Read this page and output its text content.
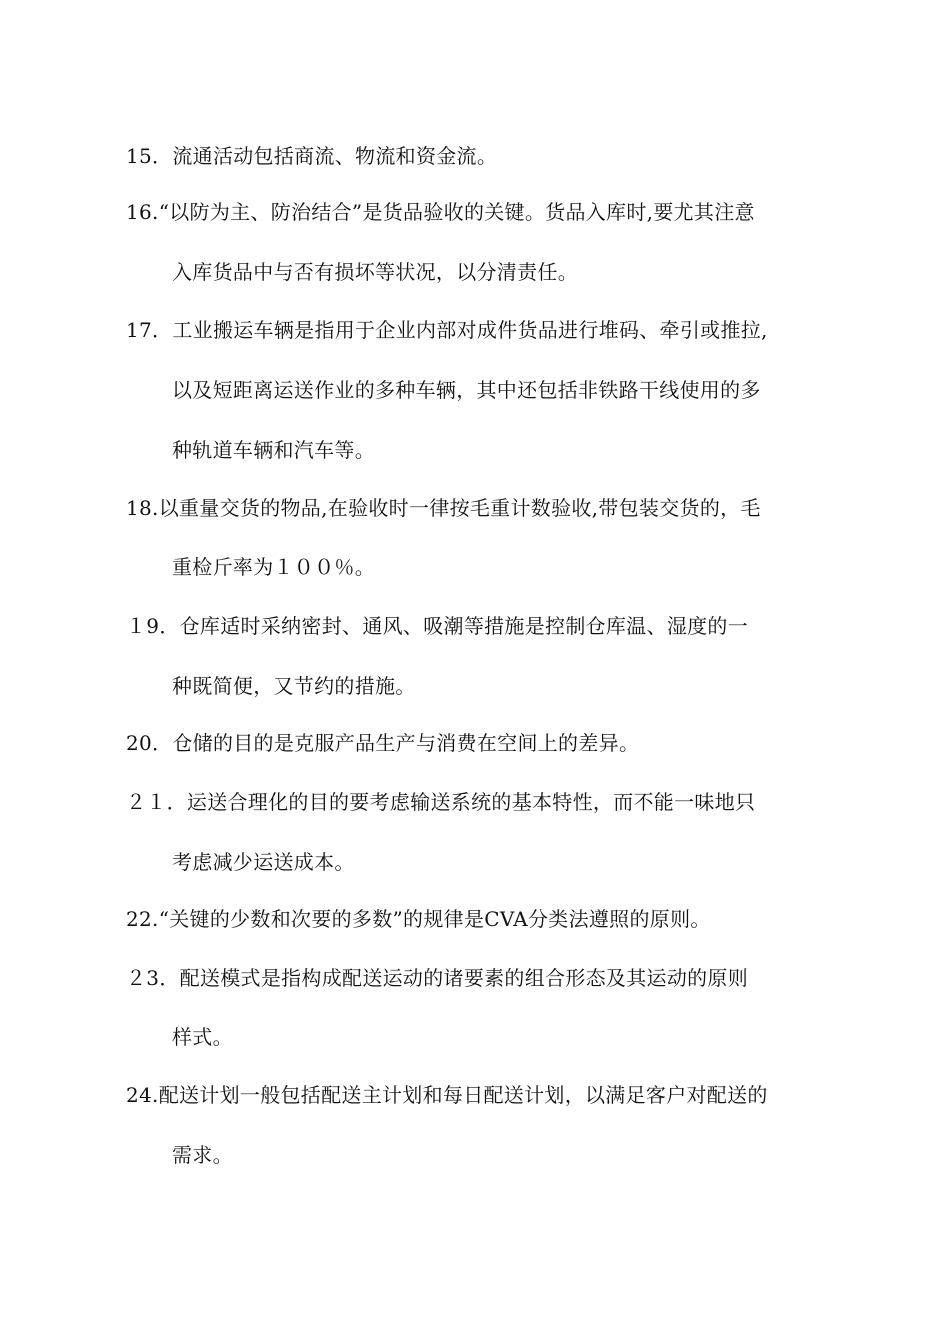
15．流通活动包括商流、物流和资金流。
16.“以防为主、防治结合”是货品验收的关键。货品入库时,要尤其注意
入库货品中与否有损坏等状况，以分清责任。
17．工业搬运车辆是指用于企业内部对成件货品进行堆码、牵引或推拉,
以及短距离运送作业的多种车辆，其中还包括非铁路干线使用的多
种轨道车辆和汽车等。
18.以重量交货的物品,在验收时一律按毛重计数验收,带包装交货的，毛
重检斤率为１００％。
１9．仓库适时采纳密封、通风、吸潮等措施是控制仓库温、湿度的一
种既简便，又节约的措施。
20．仓储的目的是克服产品生产与消费在空间上的差异。
２１．运送合理化的目的要考虑输送系统的基本特性，而不能一味地只
考虑减少运送成本。
22.“关键的少数和次要的多数”的规律是CVA分类法遵照的原则。
２3．配送模式是指构成配送运动的诸要素的组合形态及其运动的原则
样式。
24.配送计划一般包括配送主计划和每日配送计划，以满足客户对配送的
需求。
